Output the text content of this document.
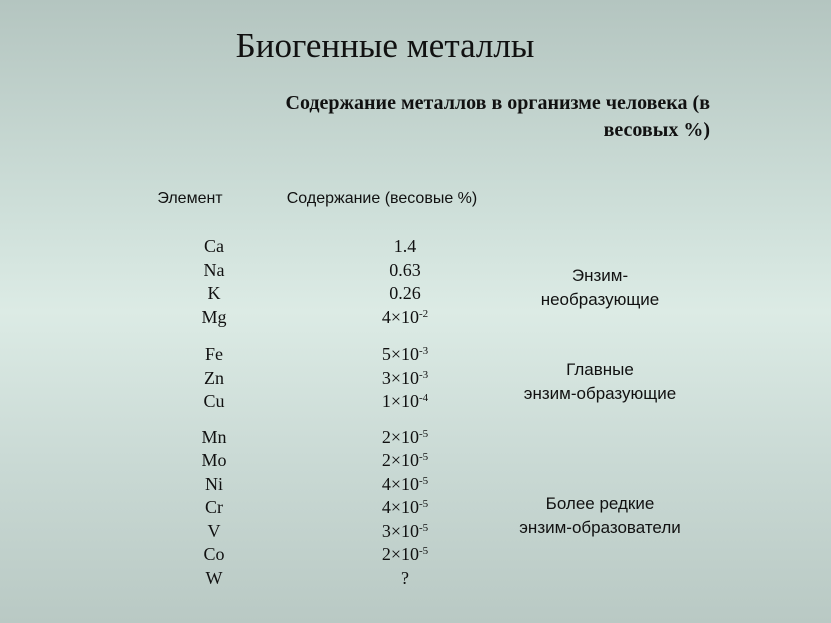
Биогенные металлы
Содержание металлов в организме человека (в весовых %)
Элемент	Содержание (весовые %)
Ca
Na
K
Mg
Fe
Zn
Cu
Mn
Mo
Ni
Cr
V
Co
W
1.4
0.63
0.26
$4\times 10^{-2}$
$5\times 10^{-3}$
$3\times 10^{-3}$
$1\times 10^{-4}$
$2\times 10^{-5}$
$2\times 10^{-5}$
$4\times 10^{-5}$
$4\times 10^{-5}$
$3\times 10^{-5}$
$2\times 10^{-5}$
?
Энзим-
необразующие
Главные
энзим-образующие
Более редкие
энзим-образователи
